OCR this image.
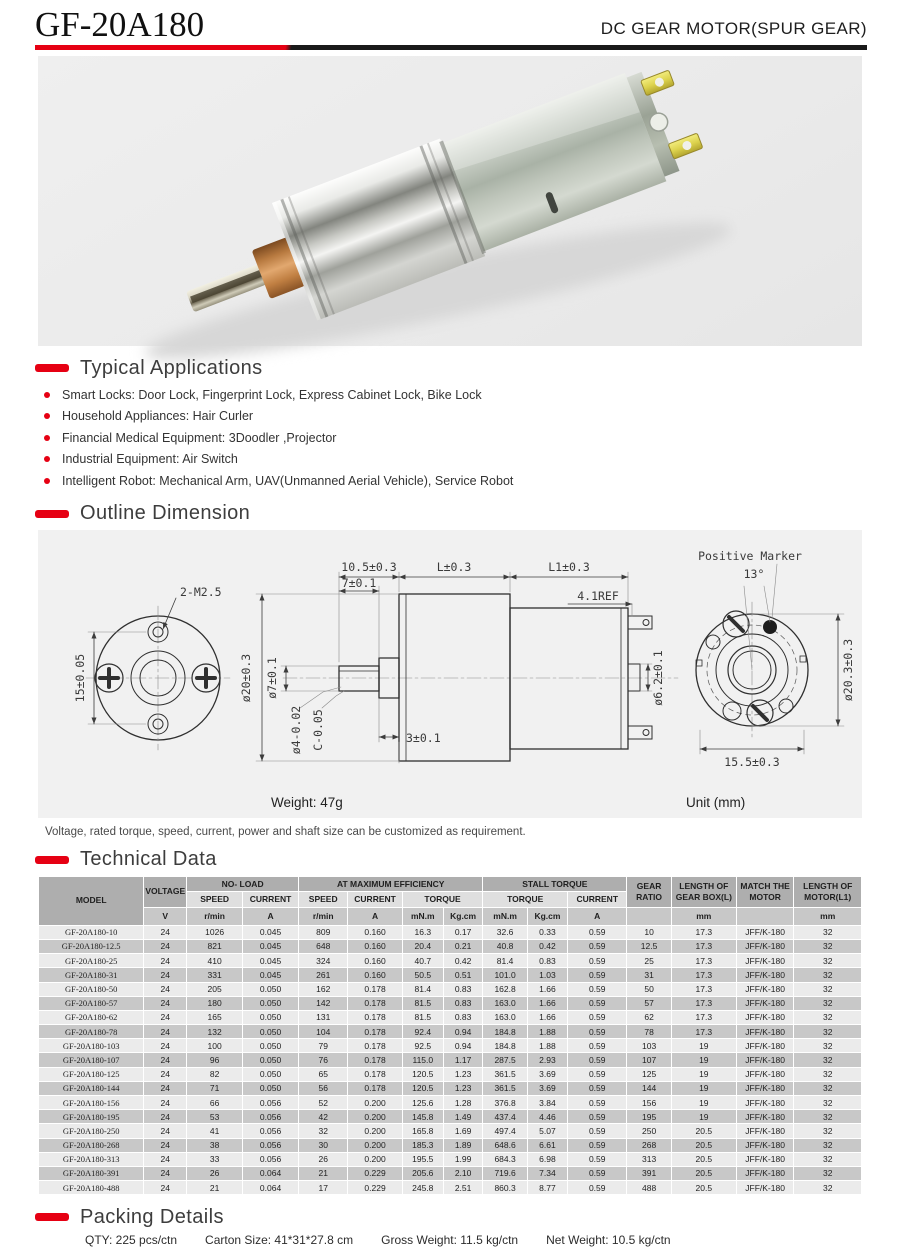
GF-20A180	DC GEAR MOTOR(SPUR GEAR)
Typical Applications
Smart Locks: Door Lock, Fingerprint Lock, Express Cabinet Lock, Bike Lock
Household Appliances: Hair Curler
Financial Medical Equipment: 3Doodler ,Projector
Industrial Equipment: Air Switch
Intelligent Robot: Mechanical Arm, UAV(Unmanned Aerial Vehicle), Service Robot
Outline Dimension
2-M2.5
15±0.05
10.5±0.3	L±0.3	L1±0.3
7±0.1
4.1REF
ø20±0.3 ø7±0.1
ø4-0.02 C-0.05	3±0.1
ø6.2±0.1
Positive Marker
13°
ø20.3±0.3
15.5±0.3
Weight: 47g	Unit (mm)

Voltage, rated torque, speed, current, power and shaft size can be customized as requirement.

Technical Data
MODEL	VOLTAGE	NO- LOAD		AT MAXIMUM EFFICIENCY				STALL TORQUE			GEAR RATIO	LENGTH OF GEAR BOX(L)	MATCH THE MOTOR	LENGTH OF MOTOR(L1)
		SPEED	CURRENT	SPEED	CURRENT	TORQUE		TORQUE		CURRENT				
	V	r/min	A	r/min	A	mN.m	Kg.cm	mN.m	Kg.cm	A		mm		mm
GF-20A180-10	24	1026	0.045	809	0.160	16.3	0.17	32.6	0.33	0.59	10	17.3	JFF/K-180	32
GF-20A180-12.5	24	821	0.045	648	0.160	20.4	0.21	40.8	0.42	0.59	12.5	17.3	JFF/K-180	32
GF-20A180-25	24	410	0.045	324	0.160	40.7	0.42	81.4	0.83	0.59	25	17.3	JFF/K-180	32
GF-20A180-31	24	331	0.045	261	0.160	50.5	0.51	101.0	1.03	0.59	31	17.3	JFF/K-180	32
GF-20A180-50	24	205	0.050	162	0.178	81.4	0.83	162.8	1.66	0.59	50	17.3	JFF/K-180	32
GF-20A180-57	24	180	0.050	142	0.178	81.5	0.83	163.0	1.66	0.59	57	17.3	JFF/K-180	32
GF-20A180-62	24	165	0.050	131	0.178	81.5	0.83	163.0	1.66	0.59	62	17.3	JFF/K-180	32
GF-20A180-78	24	132	0.050	104	0.178	92.4	0.94	184.8	1.88	0.59	78	17.3	JFF/K-180	32
GF-20A180-103	24	100	0.050	79	0.178	92.5	0.94	184.8	1.88	0.59	103	19	JFF/K-180	32
GF-20A180-107	24	96	0.050	76	0.178	115.0	1.17	287.5	2.93	0.59	107	19	JFF/K-180	32
GF-20A180-125	24	82	0.050	65	0.178	120.5	1.23	361.5	3.69	0.59	125	19	JFF/K-180	32
GF-20A180-144	24	71	0.050	56	0.178	120.5	1.23	361.5	3.69	0.59	144	19	JFF/K-180	32
GF-20A180-156	24	66	0.056	52	0.200	125.6	1.28	376.8	3.84	0.59	156	19	JFF/K-180	32
GF-20A180-195	24	53	0.056	42	0.200	145.8	1.49	437.4	4.46	0.59	195	19	JFF/K-180	32
GF-20A180-250	24	41	0.056	32	0.200	165.8	1.69	497.4	5.07	0.59	250	20.5	JFF/K-180	32
GF-20A180-268	24	38	0.056	30	0.200	185.3	1.89	648.6	6.61	0.59	268	20.5	JFF/K-180	32
GF-20A180-313	24	33	0.056	26	0.200	195.5	1.99	684.3	6.98	0.59	313	20.5	JFF/K-180	32
GF-20A180-391	24	26	0.064	21	0.229	205.6	2.10	719.6	7.34	0.59	391	20.5	JFF/K-180	32
GF-20A180-488	24	21	0.064	17	0.229	245.8	2.51	860.3	8.77	0.59	488	20.5	JFF/K-180	32
Packing Details
QTY: 225 pcs/ctn Carton Size: 41*31*27.8 cm Gross Weight: 11.5 kg/ctn Net Weight: 10.5 kg/ctn
